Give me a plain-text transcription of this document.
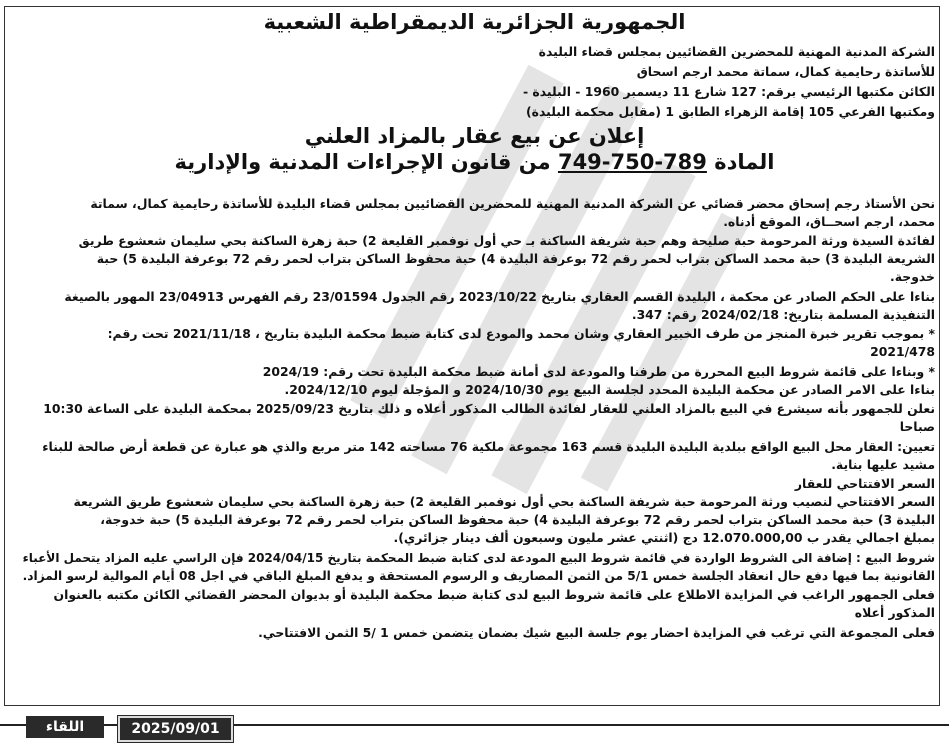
الجمهورية الجزائرية الديمقراطية الشعبية

الشركة المدنية المهنية للمحضرين القضائيين بمجلس قضاء البليدة

للأساتذة رحايمية كمال، سماتة محمد ارجم اسحاق

الكائن مكتبها الرئيسي برقم: 127 شارع 11 ديسمبر 1960 - البليدة -

ومكتبها الفرعي 105 إقامة الزهراء الطابق 1 (مقابل محكمة البليدة)

إعلان عن بيع عقار بالمزاد العلني
المادة 749-750-789 من قانون الإجراءات المدنية والإدارية

نحن الأستاذ رجم إسحاق محضر قضائي عن الشركة المدنية المهنية للمحضرين القضائيين بمجلس قضاء البليدة للأساتذة رحايمية كمال، سماتة

محمد، ارجم اسحــاق، الموقع أدناه.

لفائدة السيدة ورثة المرحومة حبة صليحة وهم حبة شريفة الساكنة بـ حي أول نوفمبر القليعة 2) حبة زهرة الساكنة بحي سليمان شعشوع طريق

الشريعة البليدة 3) حبة محمد الساكن بتراب لحمر رقم 72 بوعرفة البليدة 4) حبة محفوظ الساكن بتراب لحمر رقم 72 بوعرفة البليدة 5) حبة

خدوجة.

بناءا على الحكم الصادر عن محكمة ، البليدة القسم العقاري بتاريخ 2023/10/22 رقم الجدول 23/01594 رقم الفهرس 23/04913 المهور بالصيغة

التنفيذية المسلمة بتاريخ: 2024/02/18 رقم: 347.

* بموجب تقرير خبرة المنجز من طرف الخبير العقاري وشان محمد والمودع لدى كتابة ضبط محكمة البليدة بتاريخ ، 2021/11/18 تحت رقم:

2021/478

* وبناءا على قائمة شروط البيع المحررة من طرفنا والمودعة لدى أمانة ضبط محكمة البليدة تحت رقم: 2024/19

بناءا على الامر الصادر عن محكمة البليدة المحدد لجلسة البيع يوم 2024/10/30 و المؤجلة ليوم 2024/12/10.

نعلن للجمهور بأنه سيشرع في البيع بالمزاد العلني للعقار لفائدة الطالب المذكور أعلاه و ذلك بتاريخ 2025/09/23 بمحكمة البليدة على الساعة 10:30

صباحا

تعيين: العقار محل البيع الواقع ببلدية البليدة البليدة قسم 163 مجموعة ملكية 76 مساحته 142 متر مربع والذي هو عبارة عن قطعة أرض صالحة للبناء

مشيد عليها بناية.

السعر الافتتاحي للعقار

السعر الافتتاحي لنصيب ورثة المرحومة حبة شريفة الساكنة بحي أول نوفمبر القليعة 2) حبة زهرة الساكنة بحي سليمان شعشوع طريق الشريعة

البليدة 3) حبة محمد الساكن بتراب لحمر رقم 72 بوعرفة البليدة 4) حبة محفوظ الساكن بتراب لحمر رقم 72 بوعرفة البليدة 5) حبة خدوجة،

بمبلغ اجمالي يقدر ب 12.070.000,00 دج (اثنتي عشر مليون وسبعون ألف دينار جزائري).

شروط البيع : إضافة الى الشروط الواردة في قائمة شروط البيع المودعة لدى كتابة ضبط المحكمة بتاريخ 2024/04/15 فإن الراسي عليه المزاد يتحمل الأعباء

القانونية بما فيها دفع حال انعقاد الجلسة خمس 5/1 من الثمن المصاريف و الرسوم المستحقة و يدفع المبلغ الباقي في اجل 08 أيام الموالية لرسو المزاد.

فعلى الجمهور الراغب في المزايدة الاطلاع على قائمة شروط البيع لدى كتابة ضبط محكمة البليدة أو بديوان المحضر القضائي الكائن مكتبه بالعنوان

المذكور أعلاه

فعلى المجموعة التي ترغب في المزايدة احضار يوم جلسة البيع شيك بضمان يتضمن خمس 1 /5 الثمن الافتتاحي.

2025/09/01
اللقاء
